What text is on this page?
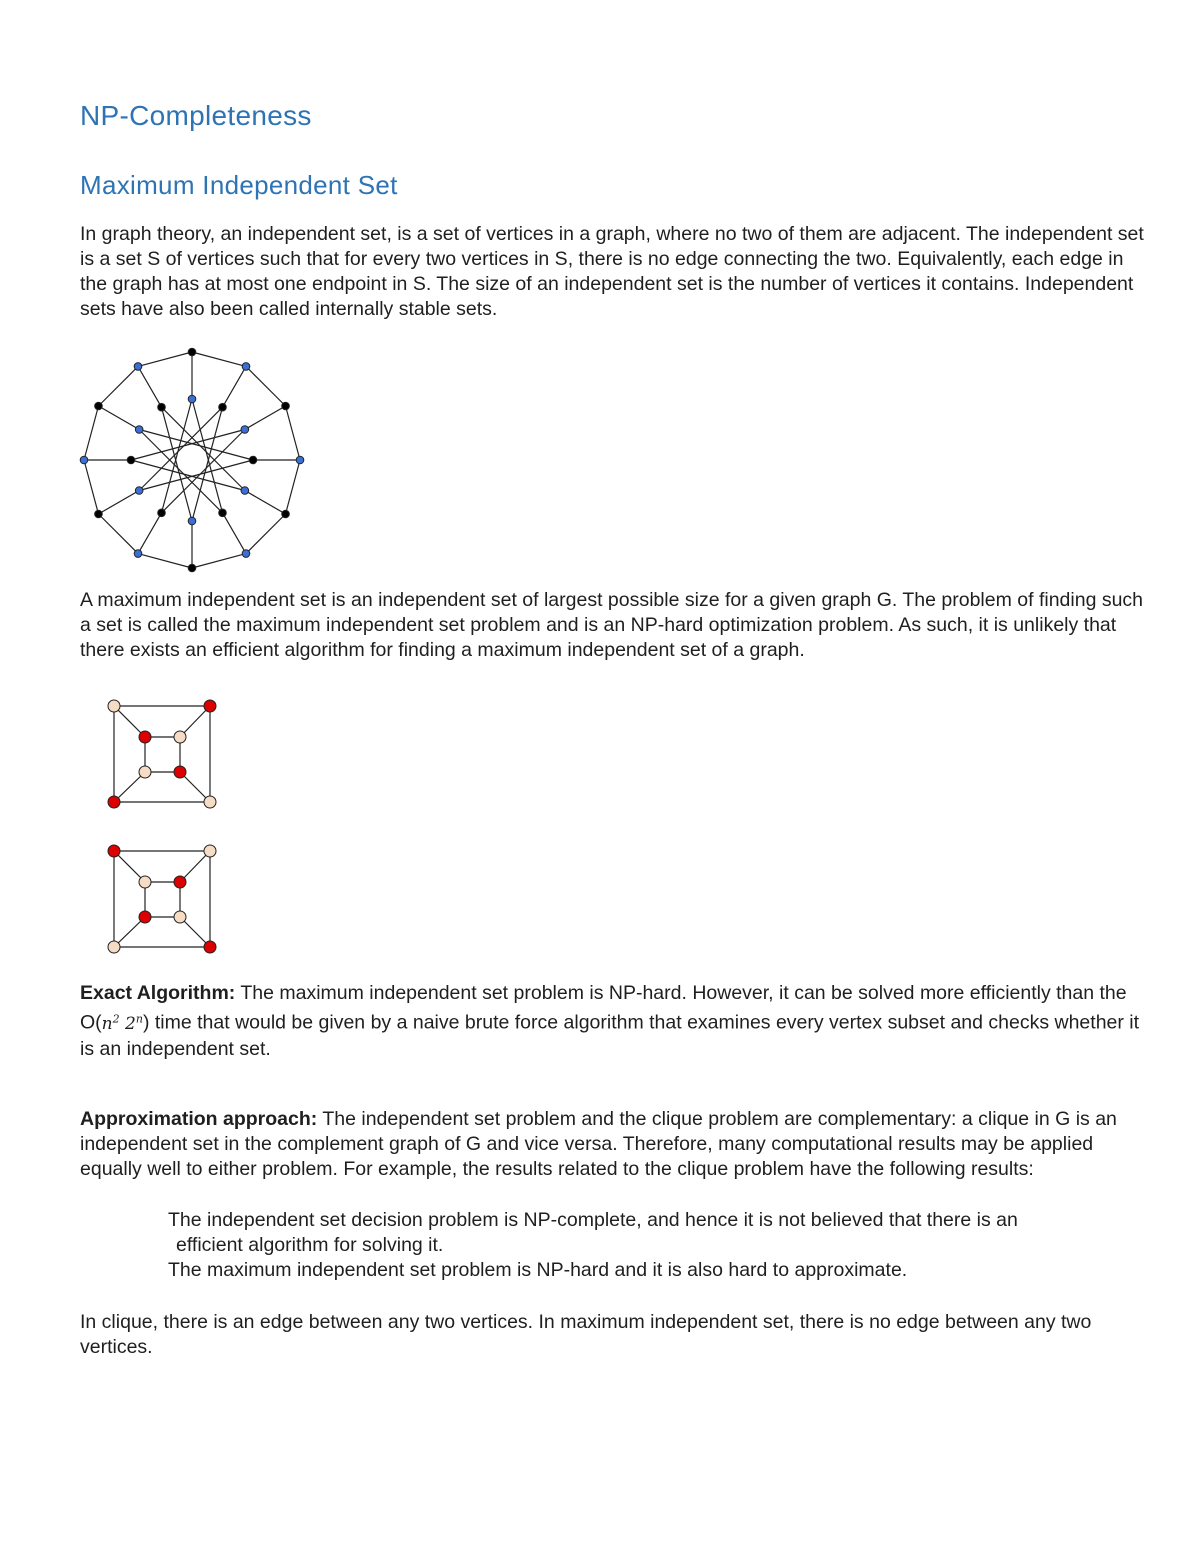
NP-Completeness
Maximum Independent Set

In graph theory, an independent set, is a set of vertices in a graph, where no two of them are adjacent. The independent set is a set S of vertices such that for every two vertices in S, there is no edge connecting the two. Equivalently, each edge in the graph has at most one endpoint in S. The size of an independent set is the number of vertices it contains. Independent sets have also been called internally stable sets.

A maximum independent set is an independent set of largest possible size for a given graph G. The problem of finding such a set is called the maximum independent set problem and is an NP-hard optimization problem. As such, it is unlikely that there exists an efficient algorithm for finding a maximum independent set of a graph.

Exact Algorithm: The maximum independent set problem is NP-hard. However, it can be solved more efficiently than the $O(n^2$ 2$^n$) time that would be given by a naive brute force algorithm that examines every vertex subset and checks whether it is an independent set.

Approximation approach: The independent set problem and the clique problem are complementary: a clique in G is an independent set in the complement graph of G and vice versa. Therefore, many computational results may be applied equally well to either problem. For example, the results related to the clique problem have the following results:

The independent set decision problem is NP-complete, and hence it is not believed that there is an

efficient algorithm for solving it.

The maximum independent set problem is NP-hard and it is also hard to approximate.

In clique, there is an edge between any two vertices. In maximum independent set, there is no edge between any two vertices.
